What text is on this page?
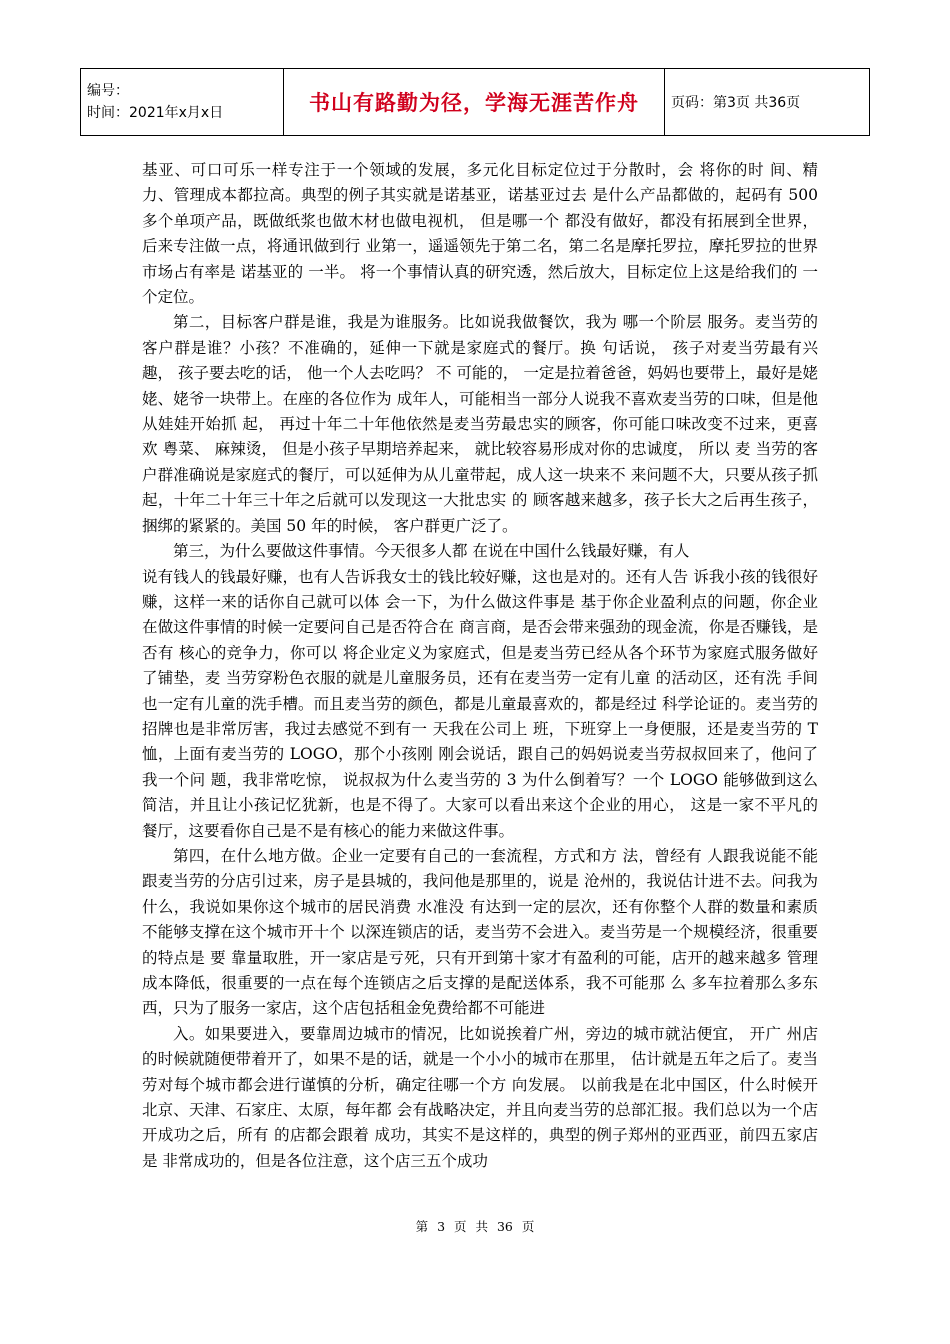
编号：
时间：2021年x月x日	书山有路勤为径，学海无涯苦作舟	页码：第3页 共36页

基亚、可口可乐一样专注于一个领域的发展，多元化目标定位过于分散时，会 将你的时 间、精力、管理成本都拉高。典型的例子其实就是诺基亚，诺基亚过去 是什么产品都做的，起码有 500 多个单项产品，既做纸浆也做木材也做电视机， 但是哪一个 都没有做好，都没有拓展到全世界，后来专注做一点，将通讯做到行 业第一，遥遥领先于第二名，第二名是摩托罗拉，摩托罗拉的世界市场占有率是 诺基亚的 一半。 将一个事情认真的研究透，然后放大，目标定位上这是给我们的 一个定位。

第二，目标客户群是谁，我是为谁服务。比如说我做餐饮，我为 哪一个阶层 服务。麦当劳的客户群是谁？小孩？不准确的，延伸一下就是家庭式的餐厅。换 句话说， 孩子对麦当劳最有兴趣， 孩子要去吃的话， 他一个人去吃吗？ 不 可能的， 一定是拉着爸爸，妈妈也要带上，最好是姥姥、姥爷一块带上。在座的各位作为 成年人，可能相当一部分人说我不喜欢麦当劳的口味，但是他从娃娃开始抓 起， 再过十年二十年他依然是麦当劳最忠实的顾客，你可能口味改变不过来，更喜欢 粤菜、 麻辣烫， 但是小孩子早期培养起来， 就比较容易形成对你的忠诚度， 所以 麦 当劳的客户群准确说是家庭式的餐厅，可以延伸为从儿童带起，成人这一块来不 来问题不大，只要从孩子抓起，十年二十年三十年之后就可以发现这一大批忠实 的 顾客越来越多，孩子长大之后再生孩子，捆绑的紧紧的。美国 50 年的时候， 客户群更广泛了。

第三，为什么要做这件事情。今天很多人都 在说在中国什么钱最好赚，有人

说有钱人的钱最好赚，也有人告诉我女士的钱比较好赚，这也是对的。还有人告 诉我小孩的钱很好赚，这样一来的话你自己就可以体 会一下，为什么做这件事是 基于你企业盈利点的问题，你企业在做这件事情的时候一定要问自己是否符合在 商言商，是否会带来强劲的现金流，你是否赚钱，是否有 核心的竞争力，你可以 将企业定义为家庭式，但是麦当劳已经从各个环节为家庭式服务做好了铺垫，麦 当劳穿粉色衣服的就是儿童服务员，还有在麦当劳一定有儿童 的活动区，还有洗 手间也一定有儿童的洗手槽。而且麦当劳的颜色，都是儿童最喜欢的，都是经过 科学论证的。麦当劳的招牌也是非常厉害，我过去感觉不到有一 天我在公司上 班，下班穿上一身便服，还是麦当劳的 T 恤，上面有麦当劳的 LOGO，那个小孩刚 刚会说话，跟自己的妈妈说麦当劳叔叔回来了，他问了我一个问 题，我非常吃惊， 说叔叔为什么麦当劳的 3 为什么倒着写？一个 LOGO 能够做到这么简洁，并且让小孩记忆犹新，也是不得了。大家可以看出来这个企业的用心， 这是一家不平凡的 餐厅，这要看你自己是不是有核心的能力来做这件事。

第四，在什么地方做。企业一定要有自己的一套流程，方式和方 法，曾经有 人跟我说能不能跟麦当劳的分店引过来，房子是县城的，我问他是那里的，说是 沧州的，我说估计进不去。问我为什么，我说如果你这个城市的居民消费 水准没 有达到一定的层次，还有你整个人群的数量和素质不能够支撑在这个城市开十个 以深连锁店的话，麦当劳不会进入。麦当劳是一个规模经济，很重要的特点是 要 靠量取胜，开一家店是亏死，只有开到第十家才有盈利的可能，店开的越来越多 管理成本降低，很重要的一点在每个连锁店之后支撑的是配送体系，我不可能那 么 多车拉着那么多东西，只为了服务一家店，这个店包括租金免费给都不可能进

入。如果要进入，要靠周边城市的情况，比如说挨着广州，旁边的城市就沾便宜， 开广 州店的时候就随便带着开了，如果不是的话，就是一个小小的城市在那里， 估计就是五年之后了。麦当劳对每个城市都会进行谨慎的分析，确定往哪一个方 向发展。 以前我是在北中国区，什么时候开北京、天津、石家庄、太原，每年都 会有战略决定，并且向麦当劳的总部汇报。我们总以为一个店开成功之后，所有 的店都会跟着 成功，其实不是这样的，典型的例子郑州的亚西亚，前四五家店是 非常成功的，但是各位注意，这个店三五个成功

第 3 页 共 36 页
